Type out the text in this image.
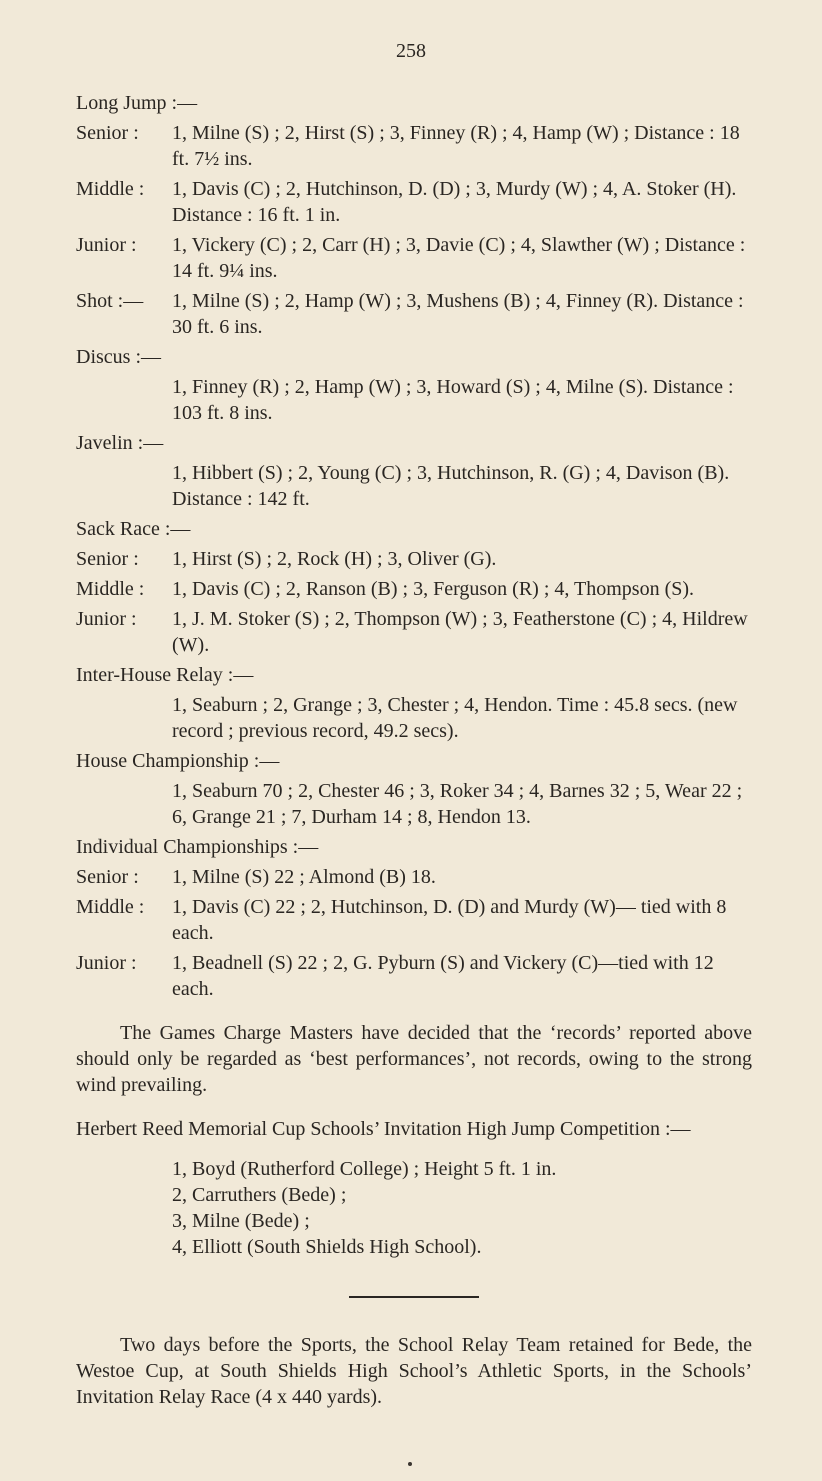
258
Long Jump :—
Senior :	1, Milne (S) ; 2, Hirst (S) ; 3, Finney (R) ; 4, Hamp (W) ; Distance : 18 ft. 7½ ins.
Middle :	1, Davis (C) ; 2, Hutchinson, D. (D) ; 3, Murdy (W) ; 4, A. Stoker (H). Distance : 16 ft. 1 in.
Junior :	1, Vickery (C) ; 2, Carr (H) ; 3, Davie (C) ; 4, Slawther (W) ; Distance : 14 ft. 9¼ ins.
Shot :—	1, Milne (S) ; 2, Hamp (W) ; 3, Mushens (B) ; 4, Finney (R). Distance : 30 ft. 6 ins.
Discus :—
1, Finney (R) ; 2, Hamp (W) ; 3, Howard (S) ; 4, Milne (S). Distance : 103 ft. 8 ins.
Javelin :—
1, Hibbert (S) ; 2, Young (C) ; 3, Hutchinson, R. (G) ; 4, Davison (B). Distance : 142 ft.
Sack Race :—
Senior :	1, Hirst (S) ; 2, Rock (H) ; 3, Oliver (G).
Middle :	1, Davis (C) ; 2, Ranson (B) ; 3, Ferguson (R) ; 4, Thompson (S).
Junior :	1, J. M. Stoker (S) ; 2, Thompson (W) ; 3, Featherstone (C) ; 4, Hildrew (W).
Inter-House Relay :—
1, Seaburn ; 2, Grange ; 3, Chester ; 4, Hendon. Time : 45.8 secs. (new record ; previous record, 49.2 secs).
House Championship :—
1, Seaburn 70 ; 2, Chester 46 ; 3, Roker 34 ; 4, Barnes 32 ; 5, Wear 22 ; 6, Grange 21 ; 7, Durham 14 ; 8, Hendon 13.
Individual Championships :—
Senior :	1, Milne (S) 22 ; Almond (B) 18.
Middle :	1, Davis (C) 22 ; 2, Hutchinson, D. (D) and Murdy (W)— tied with 8 each.
Junior :	1, Beadnell (S) 22 ; 2, G. Pyburn (S) and Vickery (C)—tied with 12 each.

The Games Charge Masters have decided that the ‘records’ reported above should only be regarded as ‘best performances’, not records, owing to the strong wind prevailing.

Herbert Reed Memorial Cup Schools’ Invitation High Jump Competition :—
1, Boyd (Rutherford College) ; Height 5 ft. 1 in.
2, Carruthers (Bede) ;
3, Milne (Bede) ;
4, Elliott (South Shields High School).

Two days before the Sports, the School Relay Team retained for Bede, the Westoe Cup, at South Shields High School’s Athletic Sports, in the Schools’ Invitation Relay Race (4 x 440 yards).
